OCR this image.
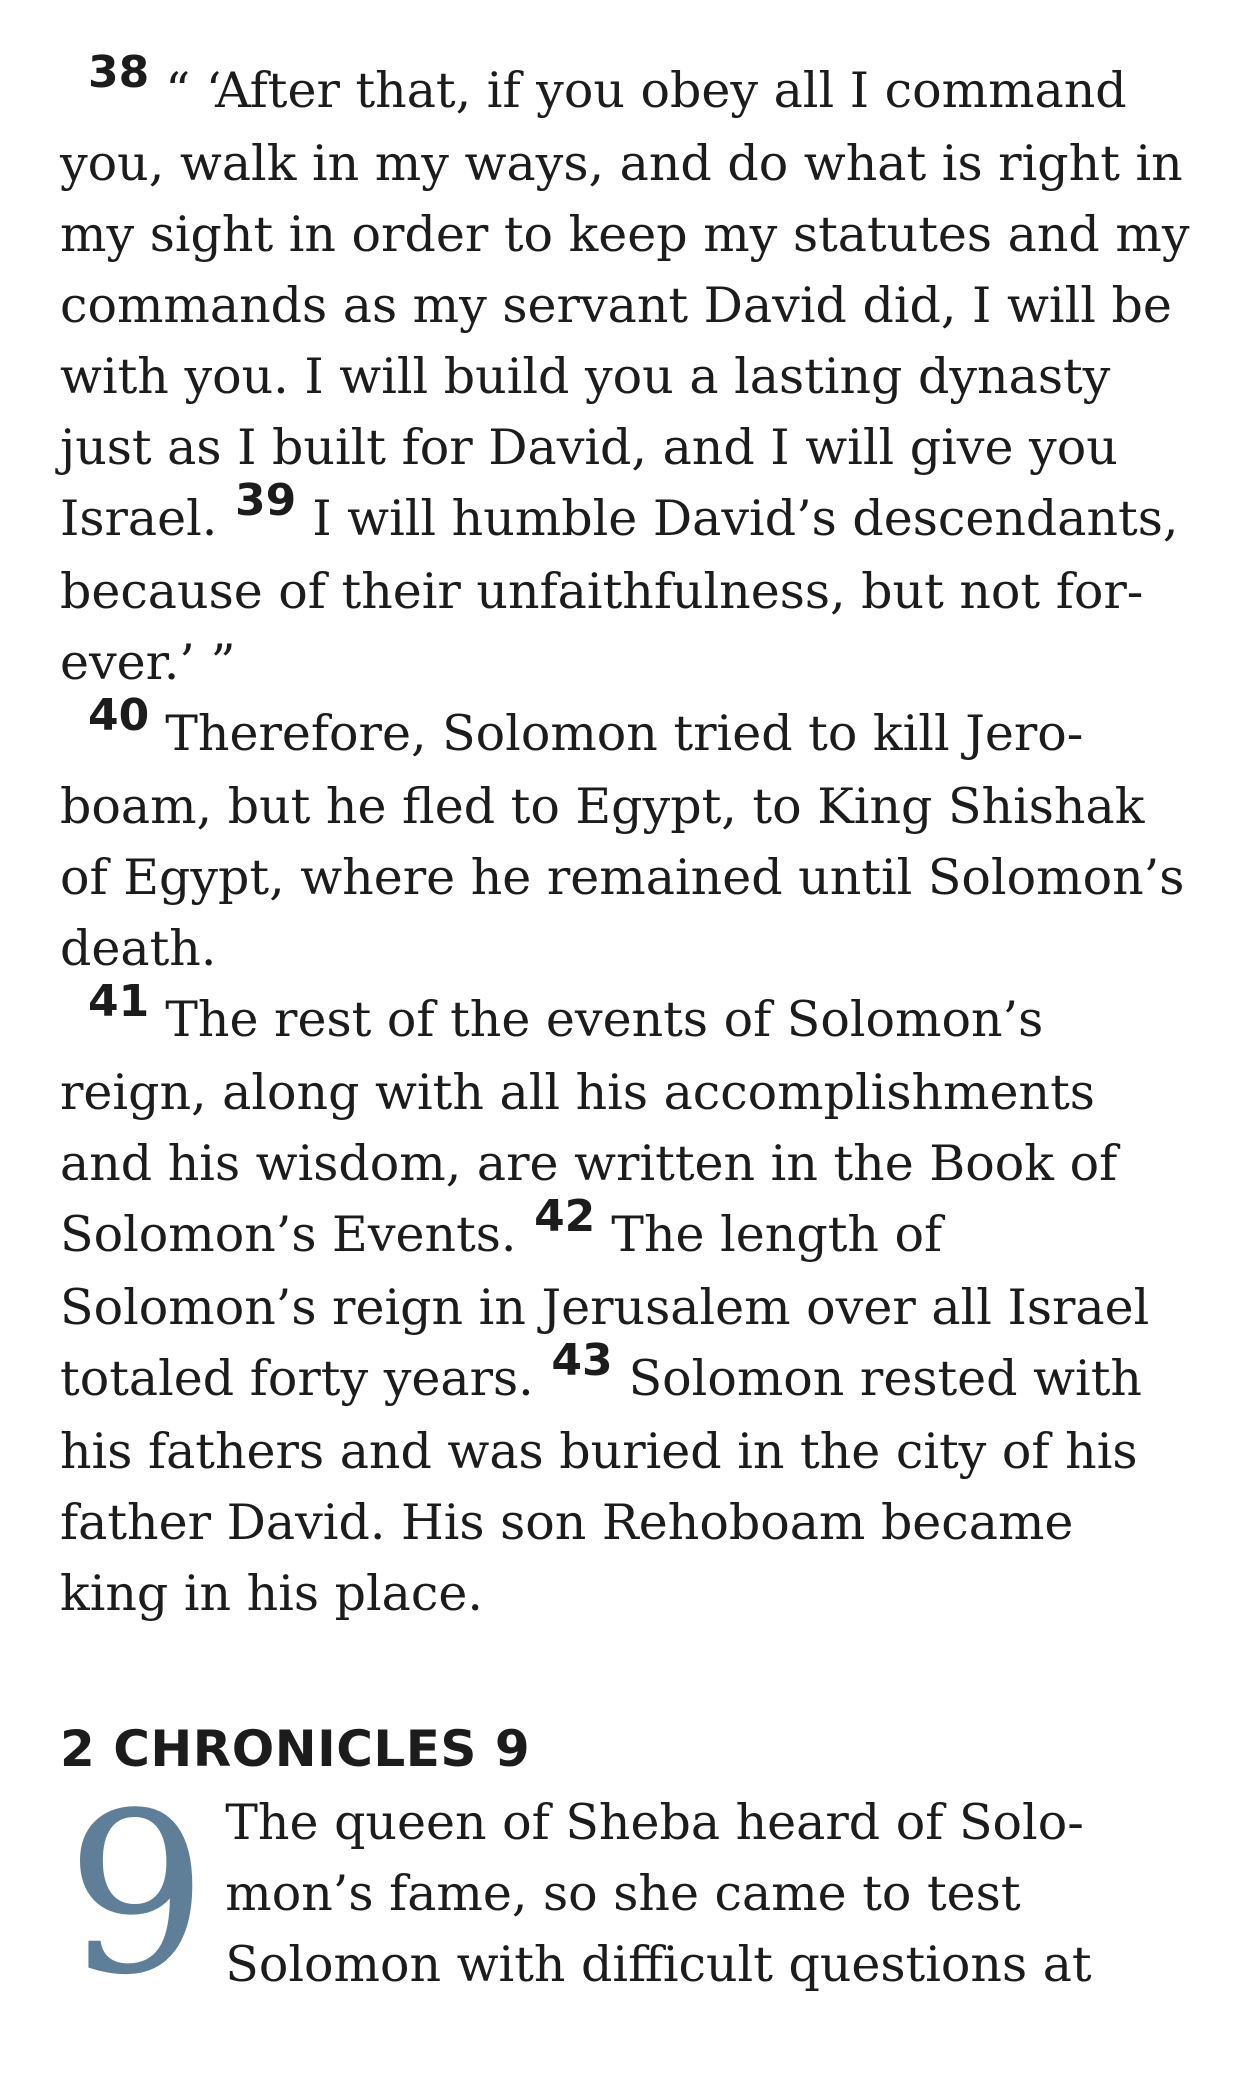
38 “ ‘After that, if you obey all I command you, walk in my ways, and do what is right in my sight in order to keep my statutes and my commands as my servant David did, I will be with you. I will build you a lasting dynasty just as I built for David, and I will give you Israel. 39 I will humble David’s descendants, because of their unfaithfulness, but not for-ever.’ ”

40 Therefore, Solomon tried to kill Jero-boam, but he fled to Egypt, to King Shishak of Egypt, where he remained until Solomon’s death.

41 The rest of the events of Solomon’s reign, along with all his accomplishments and his wisdom, are written in the Book of Solomon’s Events. 42 The length of Solomon’s reign in Jerusalem over all Israel totaled forty years. 43 Solomon rested with his fathers and was buried in the city of his father David. His son Rehoboam became king in his place.

2 CHRONICLES 9
9 The queen of Sheba heard of Solo-mon’s fame, so she came to test Solomon with difficult questions at
